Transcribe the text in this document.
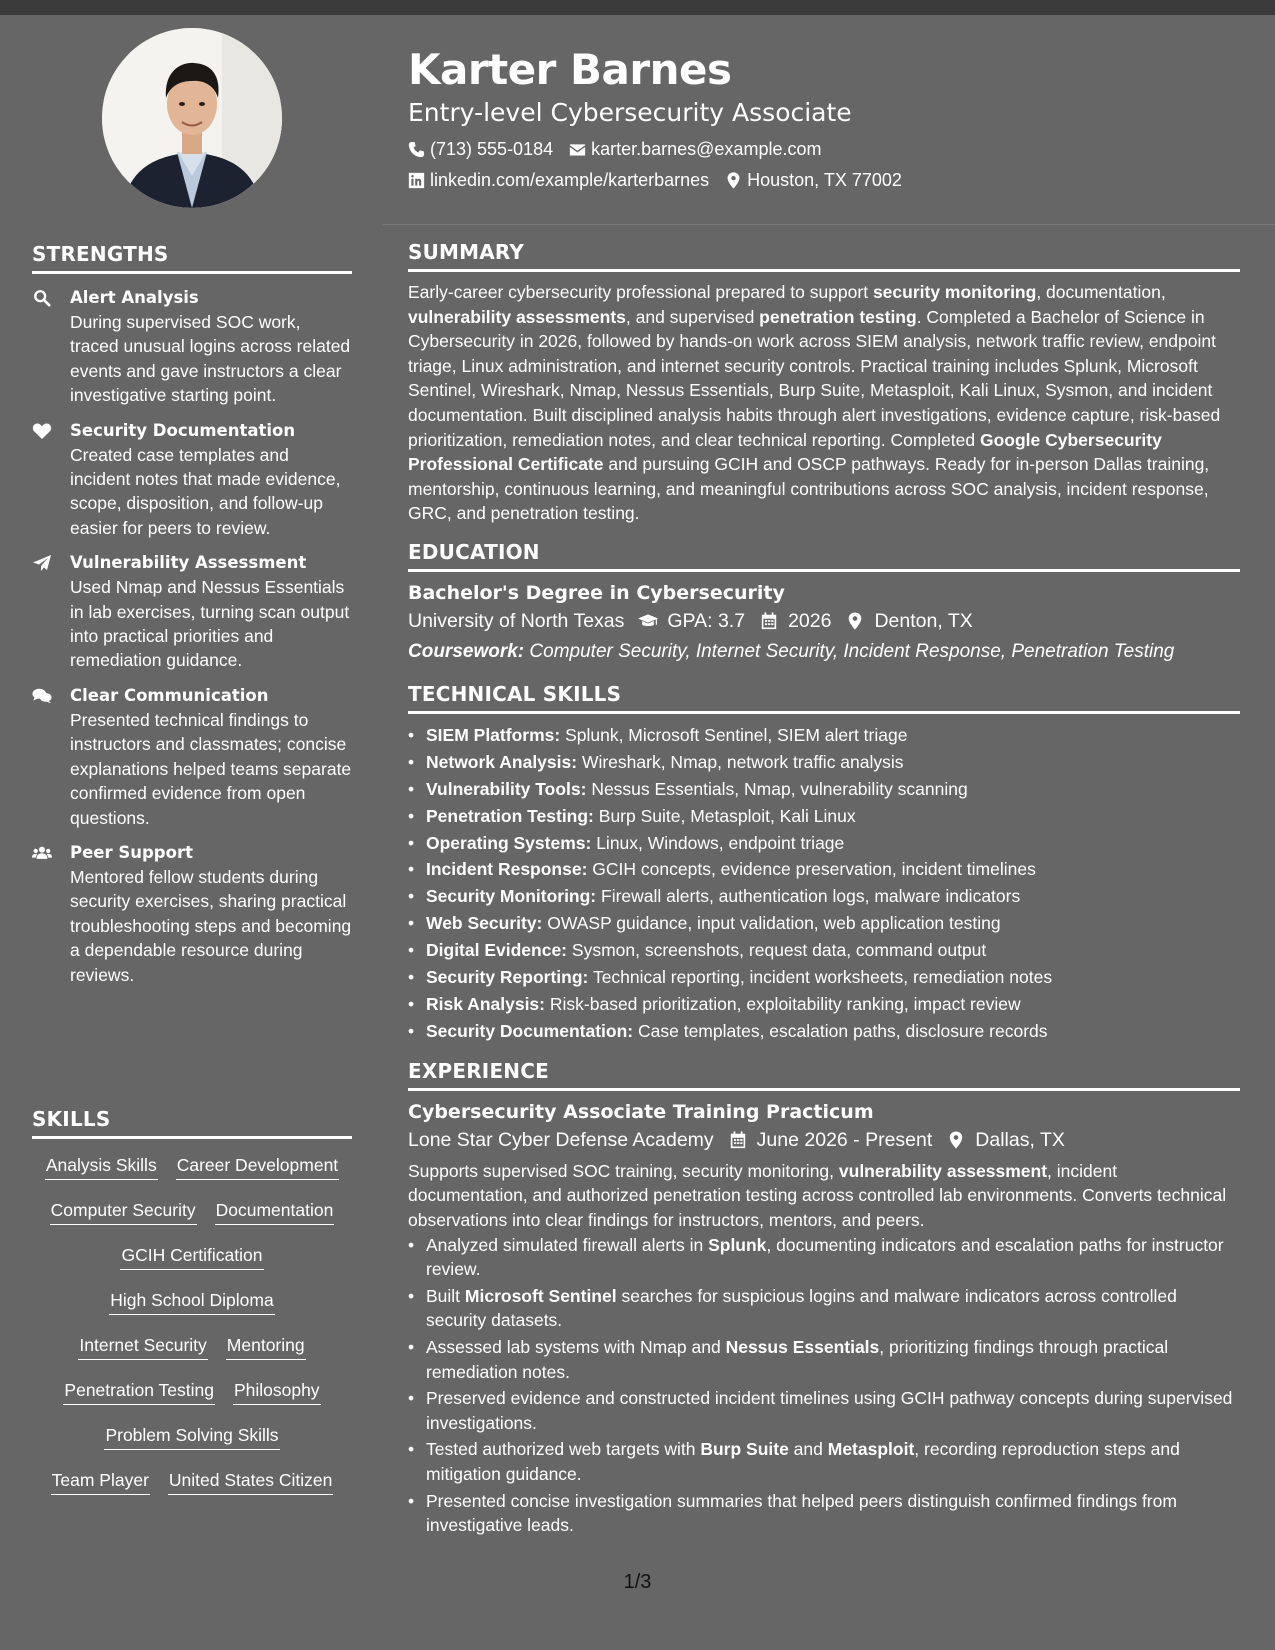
STRENGTHS
Alert Analysis
During supervised SOC work, traced unusual logins across related events and gave instructors a clear investigative starting point.
Security Documentation
Created case templates and incident notes that made evidence, scope, disposition, and follow-up easier for peers to review.
Vulnerability Assessment
Used Nmap and Nessus Essentials in lab exercises, turning scan output into practical priorities and remediation guidance.
Clear Communication
Presented technical findings to instructors and classmates; concise explanations helped teams separate confirmed evidence from open questions.
Peer Support
Mentored fellow students during security exercises, sharing practical troubleshooting steps and becoming a dependable resource during reviews.
SKILLS
Analysis Skills Career Development
Computer Security Documentation
GCIH Certification
High School Diploma
Internet Security Mentoring
Penetration Testing Philosophy
Problem Solving Skills
Team Player United States Citizen
Karter Barnes
Entry-level Cybersecurity Associate
(713) 555-0184 karter.barnes@example.com
linkedin.com/example/karterbarnes Houston, TX 77002
SUMMARY
Early-career cybersecurity professional prepared to support security monitoring, documentation, vulnerability assessments, and supervised penetration testing. Completed a Bachelor of Science in Cybersecurity in 2026, followed by hands-on work across SIEM analysis, network traffic review, endpoint triage, Linux administration, and internet security controls. Practical training includes Splunk, Microsoft Sentinel, Wireshark, Nmap, Nessus Essentials, Burp Suite, Metasploit, Kali Linux, Sysmon, and incident documentation. Built disciplined analysis habits through alert investigations, evidence capture, risk-based prioritization, remediation notes, and clear technical reporting. Completed Google Cybersecurity Professional Certificate and pursuing GCIH and OSCP pathways. Ready for in-person Dallas training, mentorship, continuous learning, and meaningful contributions across SOC analysis, incident response, GRC, and penetration testing.
EDUCATION
Bachelor's Degree in Cybersecurity
University of North Texas GPA: 3.7 2026 Denton, TX
Coursework: Computer Security, Internet Security, Incident Response, Penetration Testing
TECHNICAL SKILLS
• SIEM Platforms: Splunk, Microsoft Sentinel, SIEM alert triage
• Network Analysis: Wireshark, Nmap, network traffic analysis
• Vulnerability Tools: Nessus Essentials, Nmap, vulnerability scanning
• Penetration Testing: Burp Suite, Metasploit, Kali Linux
• Operating Systems: Linux, Windows, endpoint triage
• Incident Response: GCIH concepts, evidence preservation, incident timelines
• Security Monitoring: Firewall alerts, authentication logs, malware indicators
• Web Security: OWASP guidance, input validation, web application testing
• Digital Evidence: Sysmon, screenshots, request data, command output
• Security Reporting: Technical reporting, incident worksheets, remediation notes
• Risk Analysis: Risk-based prioritization, exploitability ranking, impact review
• Security Documentation: Case templates, escalation paths, disclosure records
EXPERIENCE
Cybersecurity Associate Training Practicum
Lone Star Cyber Defense Academy June 2026 - Present Dallas, TX
Supports supervised SOC training, security monitoring, vulnerability assessment, incident documentation, and authorized penetration testing across controlled lab environments. Converts technical observations into clear findings for instructors, mentors, and peers.
• Analyzed simulated firewall alerts in Splunk, documenting indicators and escalation paths for instructor review.
• Built Microsoft Sentinel searches for suspicious logins and malware indicators across controlled security datasets.
• Assessed lab systems with Nmap and Nessus Essentials, prioritizing findings through practical remediation notes.
• Preserved evidence and constructed incident timelines using GCIH pathway concepts during supervised investigations.
• Tested authorized web targets with Burp Suite and Metasploit, recording reproduction steps and mitigation guidance.
• Presented concise investigation summaries that helped peers distinguish confirmed findings from investigative leads.
1/3
